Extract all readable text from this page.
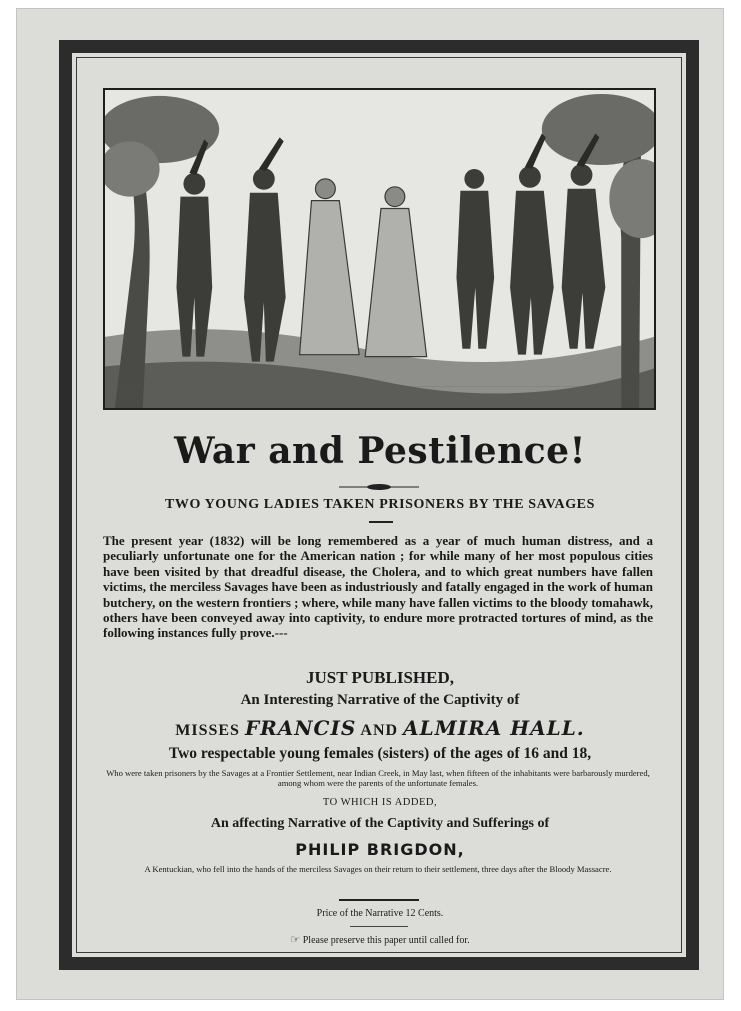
War and Pestilence!
TWO YOUNG LADIES TAKEN PRISONERS BY THE SAVAGES
The present year (1832) will be long remembered as a year of much human distress, and a peculiarly unfortunate one for the American nation ; for while many of her most populous cities have been visited by that dreadful disease, the Cholera, and to which great numbers have fallen victims, the merciless Savages have been as industriously and fatally engaged in the work of human butchery, on the western frontiers ; where, while many have fallen victims to the bloody tomahawk, others have been conveyed away into captivity, to endure more protracted tortures of mind, as the following instances fully prove.---
JUST PUBLISHED,
An Interesting Narrative of the Captivity of
MISSES FRANCIS AND ALMIRA HALL.
Two respectable young females (sisters) of the ages of 16 and 18,
Who were taken prisoners by the Savages at a Frontier Settlement, near Indian Creek, in May last, when fifteen of the inhabitants were barbarously murdered, among whom were the parents of the unfortunate females.
TO WHICH IS ADDED,
An affecting Narrative of the Captivity and Sufferings of
PHILIP BRIGDON,
A Kentuckian, who fell into the hands of the merciless Savages on their return to their settlement, three days after the Bloody Massacre.
Price of the Narrative 12 Cents.
☞ Please preserve this paper until called for.
